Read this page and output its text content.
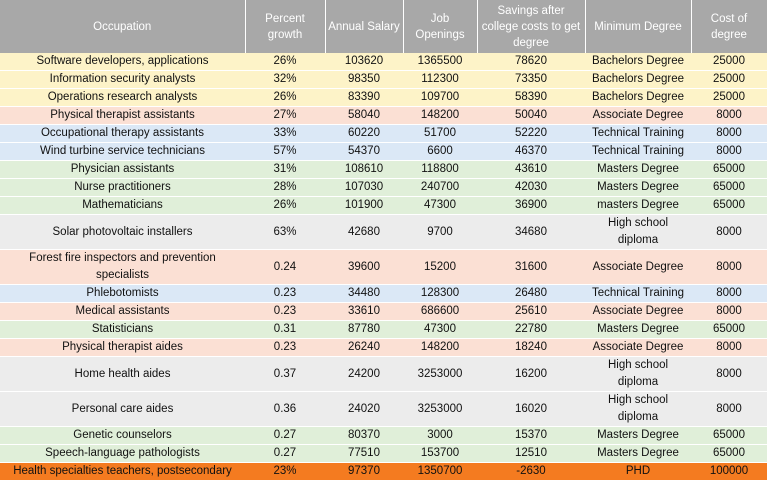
Occupation	Percent growth	Annual Salary	Job Openings	Savings after college costs to get degree	Minimum Degree	Cost of degree
Software developers, applications	26%	103620	1365500	78620	Bachelors Degree	25000
Information security analysts	32%	98350	112300	73350	Bachelors Degree	25000
Operations research analysts	26%	83390	109700	58390	Bachelors Degree	25000
Physical therapist assistants	27%	58040	148200	50040	Associate Degree	8000
Occupational therapy assistants	33%	60220	51700	52220	Technical Training	8000
Wind turbine service technicians	57%	54370	6600	46370	Technical Training	8000
Physician assistants	31%	108610	118800	43610	Masters Degree	65000
Nurse practitioners	28%	107030	240700	42030	Masters Degree	65000
Mathematicians	26%	101900	47300	36900	masters Degree	65000
Solar photovoltaic installers	63%	42680	9700	34680	High school diploma	8000
Forest fire inspectors and prevention specialists	0.24	39600	15200	31600	Associate Degree	8000
Phlebotomists	0.23	34480	128300	26480	Technical Training	8000
Medical assistants	0.23	33610	686600	25610	Associate Degree	8000
Statisticians	0.31	87780	47300	22780	Masters Degree	65000
Physical therapist aides	0.23	26240	148200	18240	Associate Degree	8000
Home health aides	0.37	24200	3253000	16200	High school diploma	8000
Personal care aides	0.36	24020	3253000	16020	High school diploma	8000
Genetic counselors	0.27	80370	3000	15370	Masters Degree	65000
Speech-language pathologists	0.27	77510	153700	12510	Masters Degree	65000
Health specialties teachers, postsecondary	23%	97370	1350700	-2630	PHD	100000
